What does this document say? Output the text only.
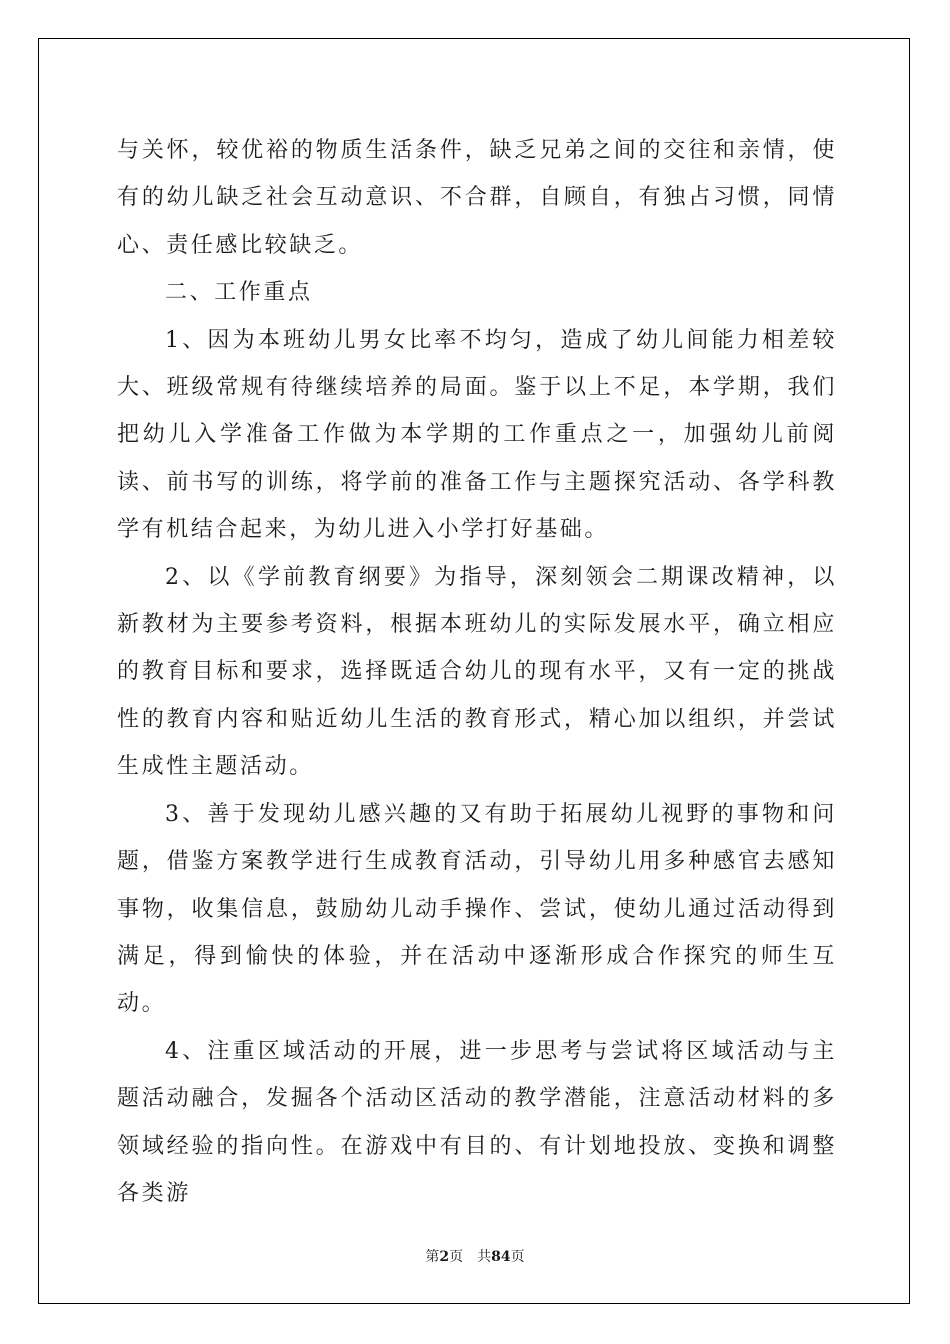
与关怀，较优裕的物质生活条件，缺乏兄弟之间的交往和亲情，使有的幼儿缺乏社会互动意识、不合群，自顾自，有独占习惯，同情心、责任感比较缺乏。

二、工作重点

1、因为本班幼儿男女比率不均匀，造成了幼儿间能力相差较大、班级常规有待继续培养的局面。鉴于以上不足，本学期，我们把幼儿入学准备工作做为本学期的工作重点之一，加强幼儿前阅读、前书写的训练，将学前的准备工作与主题探究活动、各学科教学有机结合起来，为幼儿进入小学打好基础。

2、以《学前教育纲要》为指导，深刻领会二期课改精神，以新教材为主要参考资料，根据本班幼儿的实际发展水平，确立相应的教育目标和要求，选择既适合幼儿的现有水平，又有一定的挑战性的教育内容和贴近幼儿生活的教育形式，精心加以组织，并尝试生成性主题活动。

3、善于发现幼儿感兴趣的又有助于拓展幼儿视野的事物和问题，借鉴方案教学进行生成教育活动，引导幼儿用多种感官去感知事物，收集信息，鼓励幼儿动手操作、尝试，使幼儿通过活动得到满足，得到愉快的体验，并在活动中逐渐形成合作探究的师生互动。

4、注重区域活动的开展，进一步思考与尝试将区域活动与主题活动融合，发掘各个活动区活动的教学潜能，注意活动材料的多领域经验的指向性。在游戏中有目的、有计划地投放、变换和调整各类游

第2页 共84页
